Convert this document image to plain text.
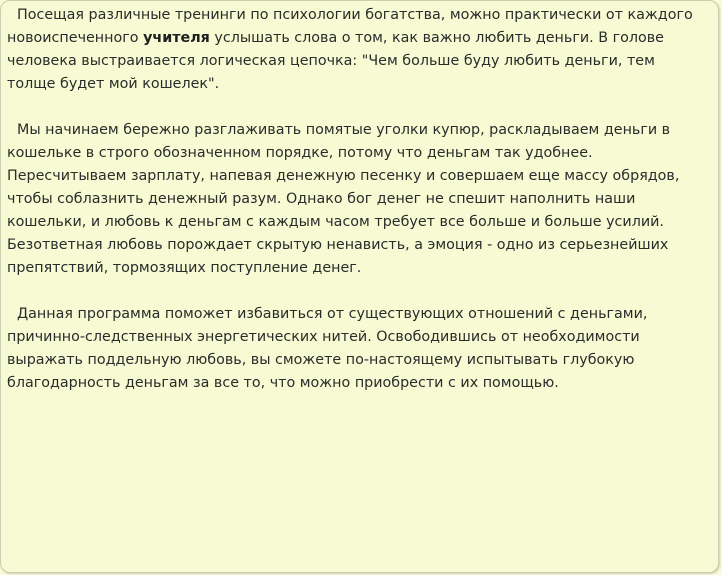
Посещая различные тренинги по психологии богатства, можно практически от каждого новоиспеченного учителя услышать слова о том, как важно любить деньги. В голове человека выстраивается логическая цепочка: "Чем больше буду любить деньги, тем толще будет мой кошелек".

Мы начинаем бережно разглаживать помятые уголки купюр, раскладываем деньги в кошельке в строго обозначенном порядке, потому что деньгам так удобнее. Пересчитываем зарплату, напевая денежную песенку и совершаем еще массу обрядов, чтобы соблазнить денежный разум. Однако бог денег не спешит наполнить наши кошельки, и любовь к деньгам с каждым часом требует все больше и больше усилий. Безответная любовь порождает скрытую ненависть, а эмоция - одно из серьезнейших препятствий, тормозящих поступление денег.

Данная программа поможет избавиться от существующих отношений с деньгами, причинно-следственных энергетических нитей. Освободившись от необходимости выражать поддельную любовь, вы сможете по-настоящему испытывать глубокую благодарность деньгам за все то, что можно приобрести с их помощью.
